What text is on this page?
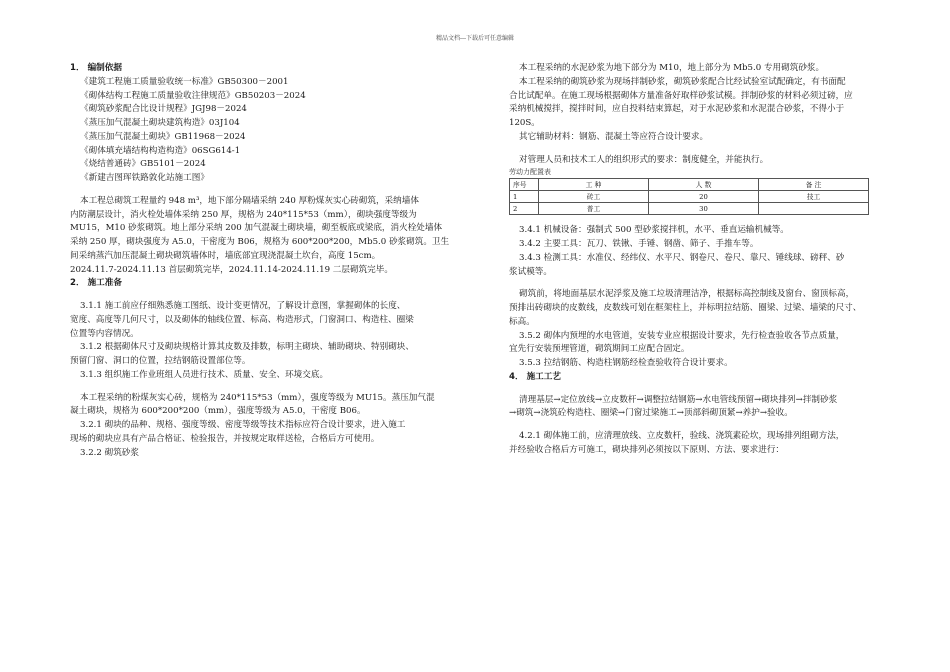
精品文档---下载后可任意编辑

1． 编制依据

《建筑工程施工质量验收统一标准》GB50300－2001

《砌体结构工程施工质量验收注律规范》GB50203－2024

《砌筑砂浆配合比设计规程》JGJ98－2024

《蒸压加气混凝土砌块建筑构造》03J104

《蒸压加气混凝土砌块》GB11968－2024

《砌体填充墙结构构造构造》06SG614-1

《烧结普通砖》GB5101－2024

《新建吉图珲铁路敦化站施工图》

本工程总砌筑工程量约 948 m³，地下部分隔墙采纳 240 厚粉煤灰实心砖砌筑，采纳墙体

内防潮层设计，消火栓处墙体采纳 250 厚，规格为 240*115*53（mm），砌块强度等级为

MU15，M10 砂浆砌筑。地上部分采纳 200 加气混凝土砌块墙，砌至板底或梁底，消火栓处墙体

采纳 250 厚，砌块强度为 A5.0，干密度为 B06，规格为 600*200*200，Mb5.0 砂浆砌筑。卫生

间采纳蒸汽加压混凝土砌块砌筑墙体时，墙底部宜现浇混凝土坎台，高度 15cm。

2024.11.7-2024.11.13 首层砌筑完毕，2024.11.14-2024.11.19 二层砌筑完毕。

2． 施工准备

3.1.1 施工前应仔细熟悉施工图纸、设计变更情况，了解设计意图，掌握砌体的长度、

宽度、高度等几何尺寸，以及砌体的轴线位置、标高、构造形式，门窗洞口、构造柱、圈梁

位置等内容情况。

3.1.2 根据砌体尺寸及砌块规格计算其皮数及排数，标明主砌块、辅助砌块、特别砌块、

预留门窗、洞口的位置，拉结钢筋设置部位等。

3.1.3 组织施工作业班组人员进行技术、质量、安全、环境交底。

本工程采纳的粉煤灰实心砖，规格为 240*115*53（mm），强度等级为 MU15。蒸压加气混

凝土砌块，规格为 600*200*200（mm），强度等级为 A5.0，干密度 B06。

3.2.1 砌块的品种、规格、强度等级、密度等级等技术指标应符合设计要求，进入施工

现场的砌块应具有产品合格证、检验报告，并按规定取样送检，合格后方可使用。

3.2.2 砌筑砂浆

本工程采纳的水泥砂浆为地下部分为 M10，地上部分为 Mb5.0 专用砌筑砂浆。

本工程采纳的砌筑砂浆为现场拌制砂浆，砌筑砂浆配合比经试验室试配确定，有书面配

合比试配单。在施工现场根据砌体方量准备好取样砂浆试模。拌制砂浆的材料必须过磅，应

采纳机械搅拌，搅拌时间，应自投料结束算起，对于水泥砂浆和水泥混合砂浆，不得小于

120S。

其它辅助材料：钢筋、混凝土等应符合设计要求。

对管理人员和技术工人的组织形式的要求：制度健全，并能执行。

劳动力配置表

序号	工 种	人 数	备 注
1	砖工	20	技工
2	普工	30	

3.4.1 机械设备：强制式 500 型砂浆搅拌机，水平、垂直运输机械等。

3.4.2 主要工具：瓦刀、铁锹、手锤、钢凿、筛子、手推车等。

3.4.3 检测工具：水准仪、经纬仪、水平尺、钢卷尺、卷尺、靠尺、锤线球、磅秤、砂

浆试模等。

砌筑前，将地面基层水泥浮浆及施工垃圾清理洁净，根据标高控制线及窗台、窗顶标高，

预排出砖砌块的皮数线，皮数线可划在框架柱上，并标明拉结筋、圈梁、过梁、墙梁的尺寸、

标高。

3.5.2 砌体内预埋的水电管道，安装专业应根据设计要求，先行检查验收各节点质量，

宜先行安装预埋管道，砌筑期间工应配合固定。

3.5.3 拉结钢筋、构造柱钢筋经检查验收符合设计要求。

4． 施工工艺

清理基层→定位放线→立皮数杆→调整拉结钢筋→水电管线预留→砌块排列→拌制砂浆

→砌筑→浇筑砼构造柱、圈梁→门窗过梁施工→顶部斜砌顶紧→养护→验收。

4.2.1 砌体施工前，应清理放线、立皮数杆，验线、浇筑素砼坎，现场排列组砌方法，

并经验收合格后方可施工，砌块排列必须按以下原则、方法、要求进行：
